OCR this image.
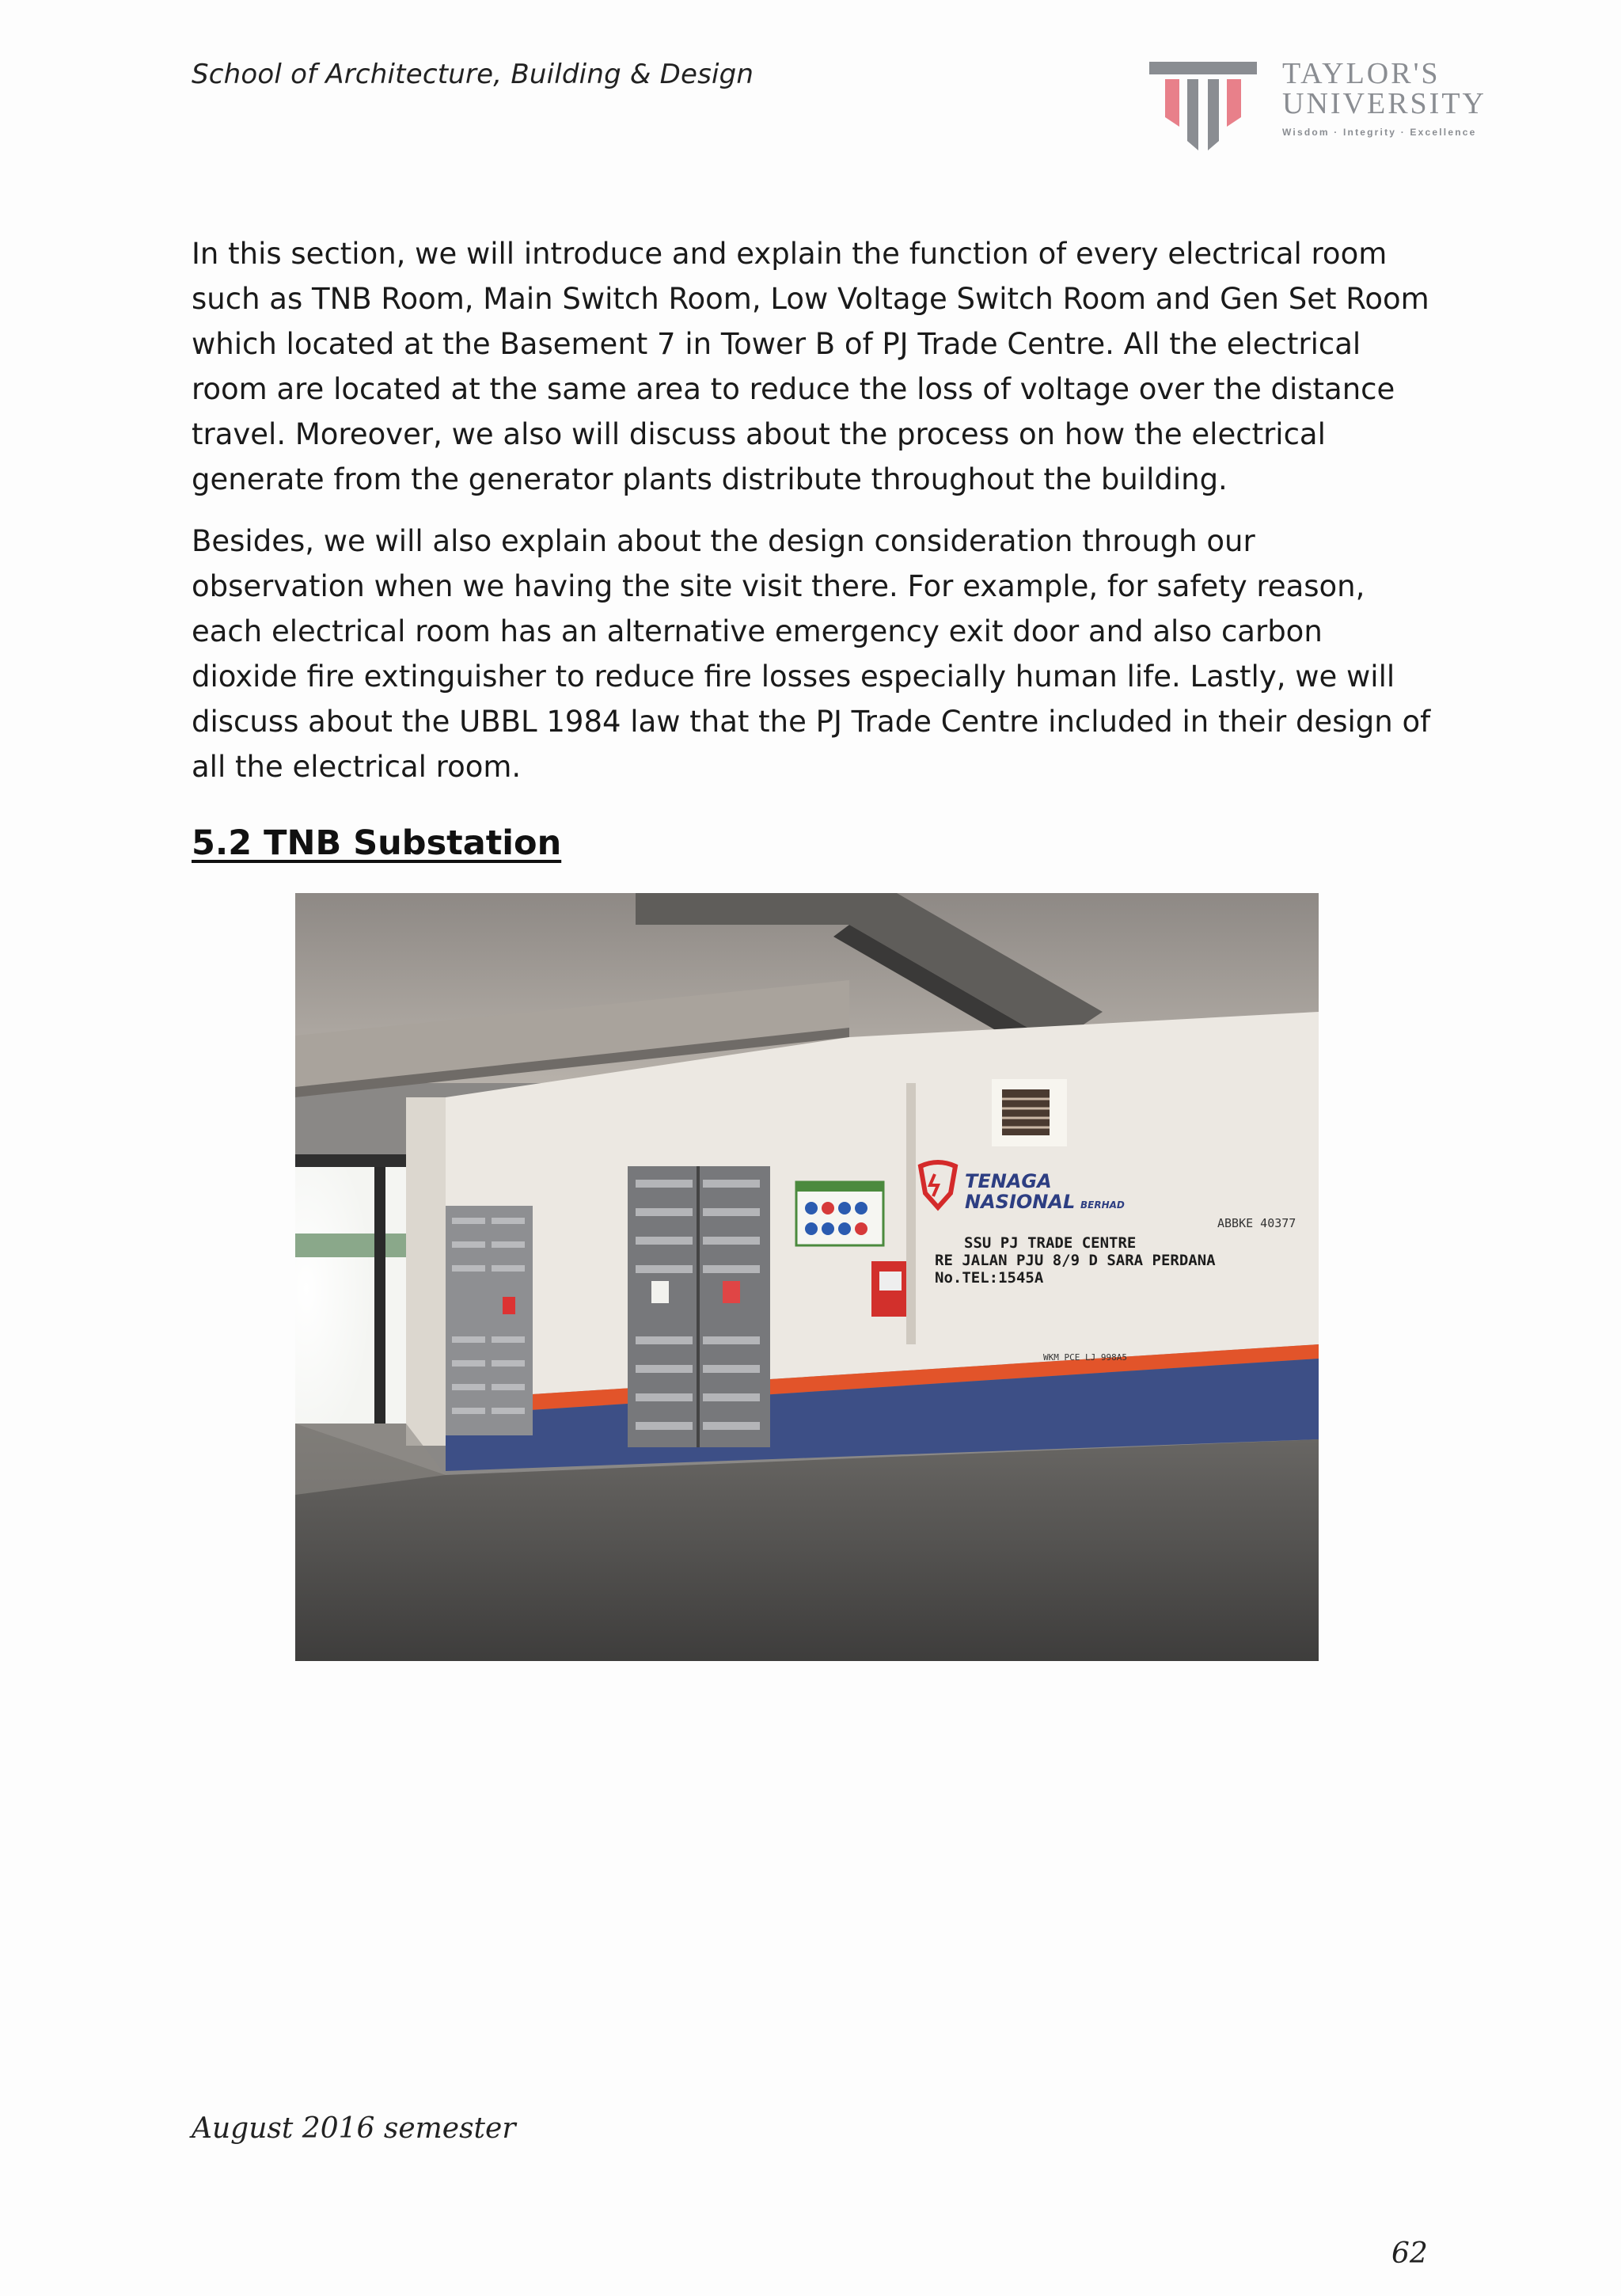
School of Architecture, Building & Design	TAYLOR'S
UNIVERSITY
Wisdom · Integrity · Excellence

In this section, we will introduce and explain the function of every electrical room such as TNB Room, Main Switch Room, Low Voltage Switch Room and Gen Set Room which located at the Basement 7 in Tower B of PJ Trade Centre. All the electrical room are located at the same area to reduce the loss of voltage over the distance travel. Moreover, we also will discuss about the process on how the electrical generate from the generator plants distribute throughout the building.

Besides, we will also explain about the design consideration through our observation when we having the site visit there. For example, for safety reason, each electrical room has an alternative emergency exit door and also carbon dioxide fire extinguisher to reduce fire losses especially human life. Lastly, we will discuss about the UBBL 1984 law that the PJ Trade Centre included in their design of all the electrical room.

5.2 TNB Substation
TENAGA
NASIONAL BERHAD
ABBKE 40377
SSU PJ TRADE CENTRE
RE JALAN PJU 8/9 D SARA PERDANA
No.TEL:1545A
WKM PCE LJ 998A5
August 2016 semester
62
